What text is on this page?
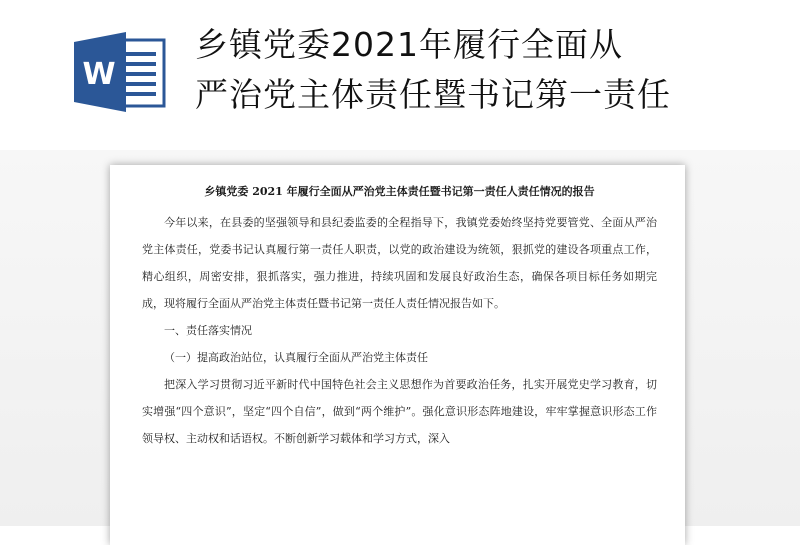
W
乡镇党委2021年履行全面从
严治党主体责任暨书记第一责任
乡镇党委 2021 年履行全面从严治党主体责任暨书记第一责任人责任情况的报告

今年以来，在县委的坚强领导和县纪委监委的全程指导下，我镇党委始终坚持党要管党、全面从严治党主体责任，党委书记认真履行第一责任人职责，以党的政治建设为统领，狠抓党的建设各项重点工作，精心组织，周密安排，狠抓落实，强力推进，持续巩固和发展良好政治生态，确保各项目标任务如期完成，现将履行全面从严治党主体责任暨书记第一责任人责任情况报告如下。

一、责任落实情况

（一）提高政治站位，认真履行全面从严治党主体责任

把深入学习贯彻习近平新时代中国特色社会主义思想作为首要政治任务，扎实开展党史学习教育，切实增强“四个意识”，坚定“四个自信”，做到“两个维护”。强化意识形态阵地建设，牢牢掌握意识形态工作领导权、主动权和话语权。不断创新学习载体和学习方式，深入
